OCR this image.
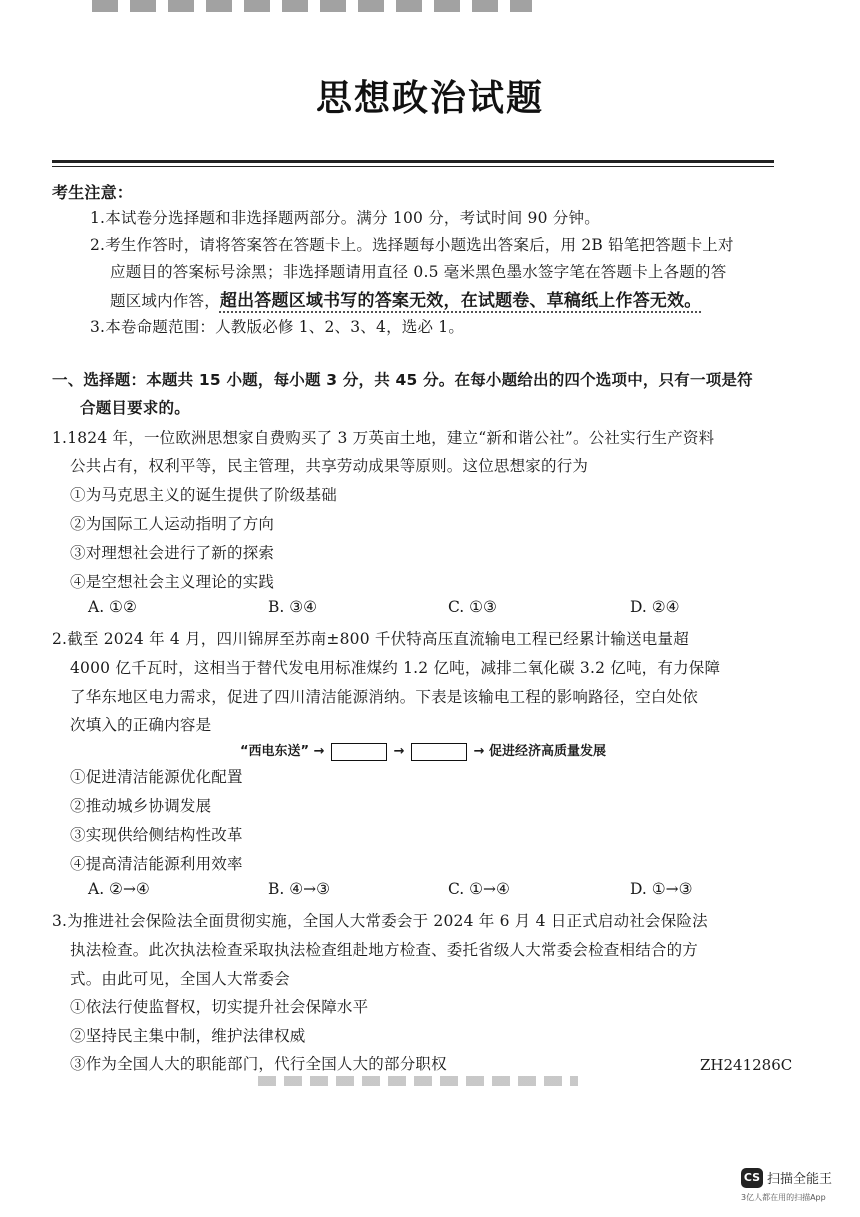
思想政治试题
考生注意：
1.本试卷分选择题和非选择题两部分。满分 100 分，考试时间 90 分钟。
2.考生作答时，请将答案答在答题卡上。选择题每小题选出答案后，用 2B 铅笔把答题卡上对
应题目的答案标号涂黑；非选择题请用直径 0.5 毫米黑色墨水签字笔在答题卡上各题的答
题区域内作答，超出答题区域书写的答案无效，在试题卷、草稿纸上作答无效。
3.本卷命题范围：人教版必修 1、2、3、4，选必 1。
一、选择题：本题共 15 小题，每小题 3 分，共 45 分。在每小题给出的四个选项中，只有一项是符
合题目要求的。
1.1824 年，一位欧洲思想家自费购买了 3 万英亩土地，建立“新和谐公社”。公社实行生产资料
公共占有，权利平等，民主管理，共享劳动成果等原则。这位思想家的行为
①为马克思主义的诞生提供了阶级基础
②为国际工人运动指明了方向
③对理想社会进行了新的探索
④是空想社会主义理论的实践
A. ①②	B. ③④	C. ①③	D. ②④
2.截至 2024 年 4 月，四川锦屏至苏南±800 千伏特高压直流输电工程已经累计输送电量超
4000 亿千瓦时，这相当于替代发电用标准煤约 1.2 亿吨，减排二氧化碳 3.2 亿吨，有力保障
了华东地区电力需求，促进了四川清洁能源消纳。下表是该输电工程的影响路径，空白处依
次填入的正确内容是
“西电东送” →	→	→ 促进经济高质量发展
①促进清洁能源优化配置
②推动城乡协调发展
③实现供给侧结构性改革
④提高清洁能源利用效率
A. ②→④	B. ④→③	C. ①→④	D. ①→③
3.为推进社会保险法全面贯彻实施，全国人大常委会于 2024 年 6 月 4 日正式启动社会保险法
执法检查。此次执法检查采取执法检查组赴地方检查、委托省级人大常委会检查相结合的方
式。由此可见，全国人大常委会
①依法行使监督权，切实提升社会保障水平
②坚持民主集中制，维护法律权威
③作为全国人大的职能部门，代行全国人大的部分职权	ZH241286C
CS 扫描全能王
3亿人都在用的扫描App
